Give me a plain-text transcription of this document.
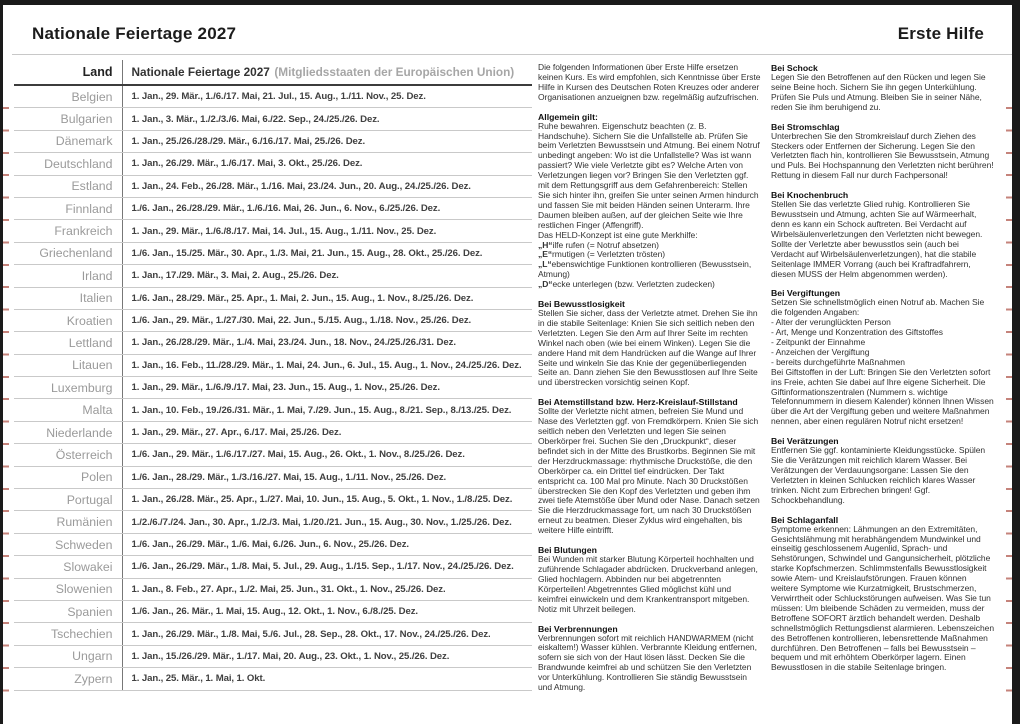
Nationale Feiertage 2027	Erste Hilfe
Land	Nationale Feiertage 2027 (Mitgliedsstaaten der Europäischen Union)
Belgien	1. Jan., 29. Mär., 1./6./17. Mai, 21. Jul., 15. Aug., 1./11. Nov., 25. Dez.
Bulgarien	1. Jan., 3. Mär., 1./2./3./6. Mai, 6./22. Sep., 24./25./26. Dez.
Dänemark	1. Jan., 25./26./28./29. Mär., 6./16./17. Mai, 25./26. Dez.
Deutschland	1. Jan., 26./29. Mär., 1./6./17. Mai, 3. Okt., 25./26. Dez.
Estland	1. Jan., 24. Feb., 26./28. Mär., 1./16. Mai, 23./24. Jun., 20. Aug., 24./25./26. Dez.
Finnland	1./6. Jan., 26./28./29. Mär., 1./6./16. Mai, 26. Jun., 6. Nov., 6./25./26. Dez.
Frankreich	1. Jan., 29. Mär., 1./6./8./17. Mai, 14. Jul., 15. Aug., 1./11. Nov., 25. Dez.
Griechenland	1./6. Jan., 15./25. Mär., 30. Apr., 1./3. Mai, 21. Jun., 15. Aug., 28. Okt., 25./26. Dez.
Irland	1. Jan., 17./29. Mär., 3. Mai, 2. Aug., 25./26. Dez.
Italien	1./6. Jan., 28./29. Mär., 25. Apr., 1. Mai, 2. Jun., 15. Aug., 1. Nov., 8./25./26. Dez.
Kroatien	1./6. Jan., 29. Mär., 1./27./30. Mai, 22. Jun., 5./15. Aug., 1./18. Nov., 25./26. Dez.
Lettland	1. Jan., 26./28./29. Mär., 1./4. Mai, 23./24. Jun., 18. Nov., 24./25./26./31. Dez.
Litauen	1. Jan., 16. Feb., 11./28./29. Mär., 1. Mai, 24. Jun., 6. Jul., 15. Aug., 1. Nov., 24./25./26. Dez.
Luxemburg	1. Jan., 29. Mär., 1./6./9./17. Mai, 23. Jun., 15. Aug., 1. Nov., 25./26. Dez.
Malta	1. Jan., 10. Feb., 19./26./31. Mär., 1. Mai, 7./29. Jun., 15. Aug., 8./21. Sep., 8./13./25. Dez.
Niederlande	1. Jan., 29. Mär., 27. Apr., 6./17. Mai, 25./26. Dez.
Österreich	1./6. Jan., 29. Mär., 1./6./17./27. Mai, 15. Aug., 26. Okt., 1. Nov., 8./25./26. Dez.
Polen	1./6. Jan., 28./29. Mär., 1./3./16./27. Mai, 15. Aug., 1./11. Nov., 25./26. Dez.
Portugal	1. Jan., 26./28. Mär., 25. Apr., 1./27. Mai, 10. Jun., 15. Aug., 5. Okt., 1. Nov., 1./8./25. Dez.
Rumänien	1./2./6./7./24. Jan., 30. Apr., 1./2./3. Mai, 1./20./21. Jun., 15. Aug., 30. Nov., 1./25./26. Dez.
Schweden	1./6. Jan., 26./29. Mär., 1./6. Mai, 6./26. Jun., 6. Nov., 25./26. Dez.
Slowakei	1./6. Jan., 26./29. Mär., 1./8. Mai, 5. Jul., 29. Aug., 1./15. Sep., 1./17. Nov., 24./25./26. Dez.
Slowenien	1. Jan., 8. Feb., 27. Apr., 1./2. Mai, 25. Jun., 31. Okt., 1. Nov., 25./26. Dez.
Spanien	1./6. Jan., 26. Mär., 1. Mai, 15. Aug., 12. Okt., 1. Nov., 6./8./25. Dez.
Tschechien	1. Jan., 26./29. Mär., 1./8. Mai, 5./6. Jul., 28. Sep., 28. Okt., 17. Nov., 24./25./26. Dez.
Ungarn	1. Jan., 15./26./29. Mär., 1./17. Mai, 20. Aug., 23. Okt., 1. Nov., 25./26. Dez.
Zypern	1. Jan., 25. Mär., 1. Mai, 1. Okt.

Die folgenden Informationen über Erste Hilfe ersetzen keinen Kurs. Es wird empfohlen, sich Kenntnisse über Erste Hilfe in Kursen des Deutschen Roten Kreuzes oder anderer Organisationen anzueignen bzw. regelmäßig aufzufrischen.

Allgemein gilt:

Ruhe bewahren. Eigenschutz beachten (z. B. Handschuhe). Sichern Sie die Unfallstelle ab. Prüfen Sie beim Verletzten Bewusstsein und Atmung. Bei einem Notruf unbedingt angeben: Wo ist die Unfallstelle? Was ist wann passiert? Wie viele Verletzte gibt es? Welche Arten von Verletzungen liegen vor? Bringen Sie den Verletzten ggf. mit dem Rettungsgriff aus dem Gefahrenbereich: Stellen Sie sich hinter ihn, greifen Sie unter seinen Armen hindurch und fassen Sie mit beiden Händen seinen Unterarm. Ihre Daumen bleiben außen, auf der gleichen Seite wie Ihre restlichen Finger (Affengriff).

Das HELD-Konzept ist eine gute Merkhilfe:

„H“ilfe rufen (= Notruf absetzen)

„E“rmutigen (= Verletzten trösten)

„L“ebenswichtige Funktionen kontrollieren (Bewusstsein, Atmung)

„D“ecke unterlegen (bzw. Verletzten zudecken)

Bei Bewusstlosigkeit

Stellen Sie sicher, dass der Verletzte atmet. Drehen Sie ihn in die stabile Seitenlage: Knien Sie sich seitlich neben den Verletzten. Legen Sie den Arm auf Ihrer Seite im rechten Winkel nach oben (wie bei einem Winken). Legen Sie die andere Hand mit dem Handrücken auf die Wange auf Ihrer Seite und winkeln Sie das Knie der gegenüberliegenden Seite an. Dann ziehen Sie den Bewusstlosen auf Ihre Seite und überstrecken vorsichtig seinen Kopf.

Bei Atemstillstand bzw. Herz-Kreislauf-Stillstand

Sollte der Verletzte nicht atmen, befreien Sie Mund und Nase des Verletzten ggf. von Fremdkörpern. Knien Sie sich seitlich neben den Verletzten und legen Sie seinen Oberkörper frei. Suchen Sie den „Druckpunkt“, dieser befindet sich in der Mitte des Brustkorbs. Beginnen Sie mit der Herzdruckmassage: rhythmische Druckstöße, die den Oberkörper ca. ein Drittel tief eindrücken. Der Takt entspricht ca. 100 Mal pro Minute. Nach 30 Druckstößen überstrecken Sie den Kopf des Verletzten und geben ihm zwei tiefe Atemstöße über Mund oder Nase. Danach setzen Sie die Herzdruckmassage fort, um nach 30 Druckstößen erneut zu beatmen. Dieser Zyklus wird eingehalten, bis weitere Hilfe eintrifft.

Bei Blutungen

Bei Wunden mit starker Blutung Körperteil hochhalten und zuführende Schlagader abdrücken. Druckverband anlegen, Glied hochlagern. Abbinden nur bei abgetrennten Körperteilen! Abgetrenntes Glied möglichst kühl und keimfrei einwickeln und dem Krankentransport mitgeben. Notiz mit Uhrzeit beilegen.

Bei Verbrennungen

Verbrennungen sofort mit reichlich HANDWARMEM (nicht eiskaltem!) Wasser kühlen. Verbrannte Kleidung entfernen, sofern sie sich von der Haut lösen lässt. Decken Sie die Brandwunde keimfrei ab und schützen Sie den Verletzten vor Unterkühlung. Kontrollieren Sie ständig Bewusstsein und Atmung.

Bei Schock

Legen Sie den Betroffenen auf den Rücken und legen Sie seine Beine hoch. Sichern Sie ihn gegen Unterkühlung. Prüfen Sie Puls und Atmung. Bleiben Sie in seiner Nähe, reden Sie ihm beruhigend zu.

Bei Stromschlag

Unterbrechen Sie den Stromkreislauf durch Ziehen des Steckers oder Entfernen der Sicherung. Legen Sie den Verletzten flach hin, kontrollieren Sie Bewusstsein, Atmung und Puls. Bei Hochspannung den Verletzten nicht berühren! Rettung in diesem Fall nur durch Fachpersonal!

Bei Knochenbruch

Stellen Sie das verletzte Glied ruhig. Kontrollieren Sie Bewusstsein und Atmung, achten Sie auf Wärmeerhalt, denn es kann ein Schock auftreten. Bei Verdacht auf Wirbelsäulenverletzungen den Verletzten nicht bewegen. Sollte der Verletzte aber bewusstlos sein (auch bei Verdacht auf Wirbelsäulenverletzungen), hat die stabile Seitenlage IMMER Vorrang (auch bei Kraftradfahrern, diesen MUSS der Helm abgenommen werden).

Bei Vergiftungen

Setzen Sie schnellstmöglich einen Notruf ab. Machen Sie die folgenden Angaben:

- Alter der verunglückten Person

- Art, Menge und Konzentration des Giftstoffes

- Zeitpunkt der Einnahme

- Anzeichen der Vergiftung

- bereits durchgeführte Maßnahmen

Bei Giftstoffen in der Luft: Bringen Sie den Verletzten sofort ins Freie, achten Sie dabei auf Ihre eigene Sicherheit. Die Giftinformationszentralen (Nummern s. wichtige Telefonnummern in diesem Kalender) können Ihnen Wissen über die Art der Vergiftung geben und weitere Maßnahmen nennen, aber einen regulären Notruf nicht ersetzen!

Bei Verätzungen

Entfernen Sie ggf. kontaminierte Kleidungsstücke. Spülen Sie die Verätzungen mit reichlich klarem Wasser. Bei Verätzungen der Verdauungsorgane: Lassen Sie den Verletzten in kleinen Schlucken reichlich klares Wasser trinken. Nicht zum Erbrechen bringen! Ggf. Schockbehandlung.

Bei Schlaganfall

Symptome erkennen: Lähmungen an den Extremitäten, Gesichtslähmung mit herabhängendem Mundwinkel und einseitig geschlossenem Augenlid, Sprach- und Sehstörungen, Schwindel und Gangunsicherheit, plötzliche starke Kopfschmerzen. Schlimmstenfalls Bewusstlosigkeit sowie Atem- und Kreislaufstörungen. Frauen können weitere Symptome wie Kurzatmigkeit, Brustschmerzen, Verwirrtheit oder Schluckstörungen aufweisen. Was Sie tun müssen: Um bleibende Schäden zu vermeiden, muss der Betroffene SOFORT ärztlich behandelt werden. Deshalb schnellstmöglich Rettungsdienst alarmieren. Lebenszeichen des Betroffenen kontrollieren, lebensrettende Maßnahmen durchführen. Den Betroffenen – falls bei Bewusstsein – bequem und mit erhöhtem Oberkörper lagern. Einen Bewusstlosen in die stabile Seitenlage bringen.
